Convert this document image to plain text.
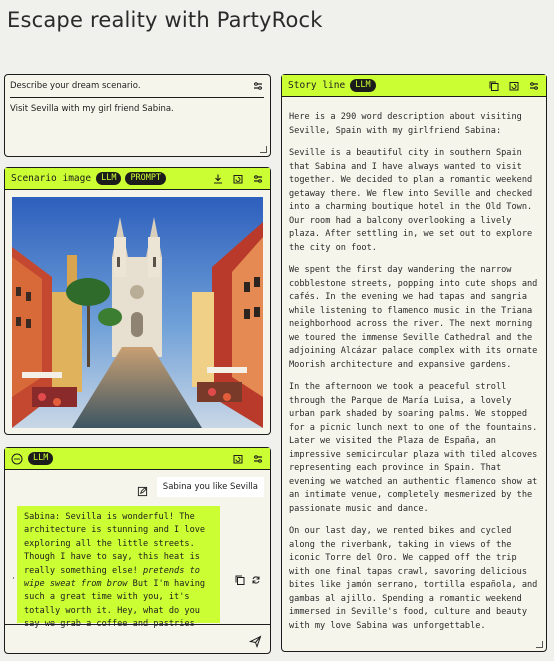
Escape reality with PartyRock
Describe your dream scenario.
Visit Sevilla with my girl friend Sabina.
Scenario image	LLM	PROMPT
LLM
Sabina you like Sevilla
·
Sabina: Sevilla is wonderful! The architecture is stunning and I love exploring all the little streets. Though I have to say, this heat is really something else! pretends to wipe sweat from brow But I'm having such a great time with you, it's totally worth it. Hey, what do you say we grab a coffee and pastries
Story line	LLM

Here is a 290 word description about visiting Seville, Spain with my girlfriend Sabina:

Seville is a beautiful city in southern Spain that Sabina and I have always wanted to visit together. We decided to plan a romantic weekend getaway there. We flew into Seville and checked into a charming boutique hotel in the Old Town. Our room had a balcony overlooking a lively plaza. After settling in, we set out to explore the city on foot.

We spent the first day wandering the narrow cobblestone streets, popping into cute shops and cafés. In the evening we had tapas and sangria while listening to flamenco music in the Triana neighborhood across the river. The next morning we toured the immense Seville Cathedral and the adjoining Alcázar palace complex with its ornate Moorish architecture and expansive gardens.

In the afternoon we took a peaceful stroll through the Parque de María Luisa, a lovely urban park shaded by soaring palms. We stopped for a picnic lunch next to one of the fountains. Later we visited the Plaza de España, an impressive semicircular plaza with tiled alcoves representing each province in Spain. That evening we watched an authentic flamenco show at an intimate venue, completely mesmerized by the passionate music and dance.

On our last day, we rented bikes and cycled along the riverbank, taking in views of the iconic Torre del Oro. We capped off the trip with one final tapas crawl, savoring delicious bites like jamón serrano, tortilla española, and gambas al ajillo. Spending a romantic weekend immersed in Seville's food, culture and beauty with my love Sabina was unforgettable.
